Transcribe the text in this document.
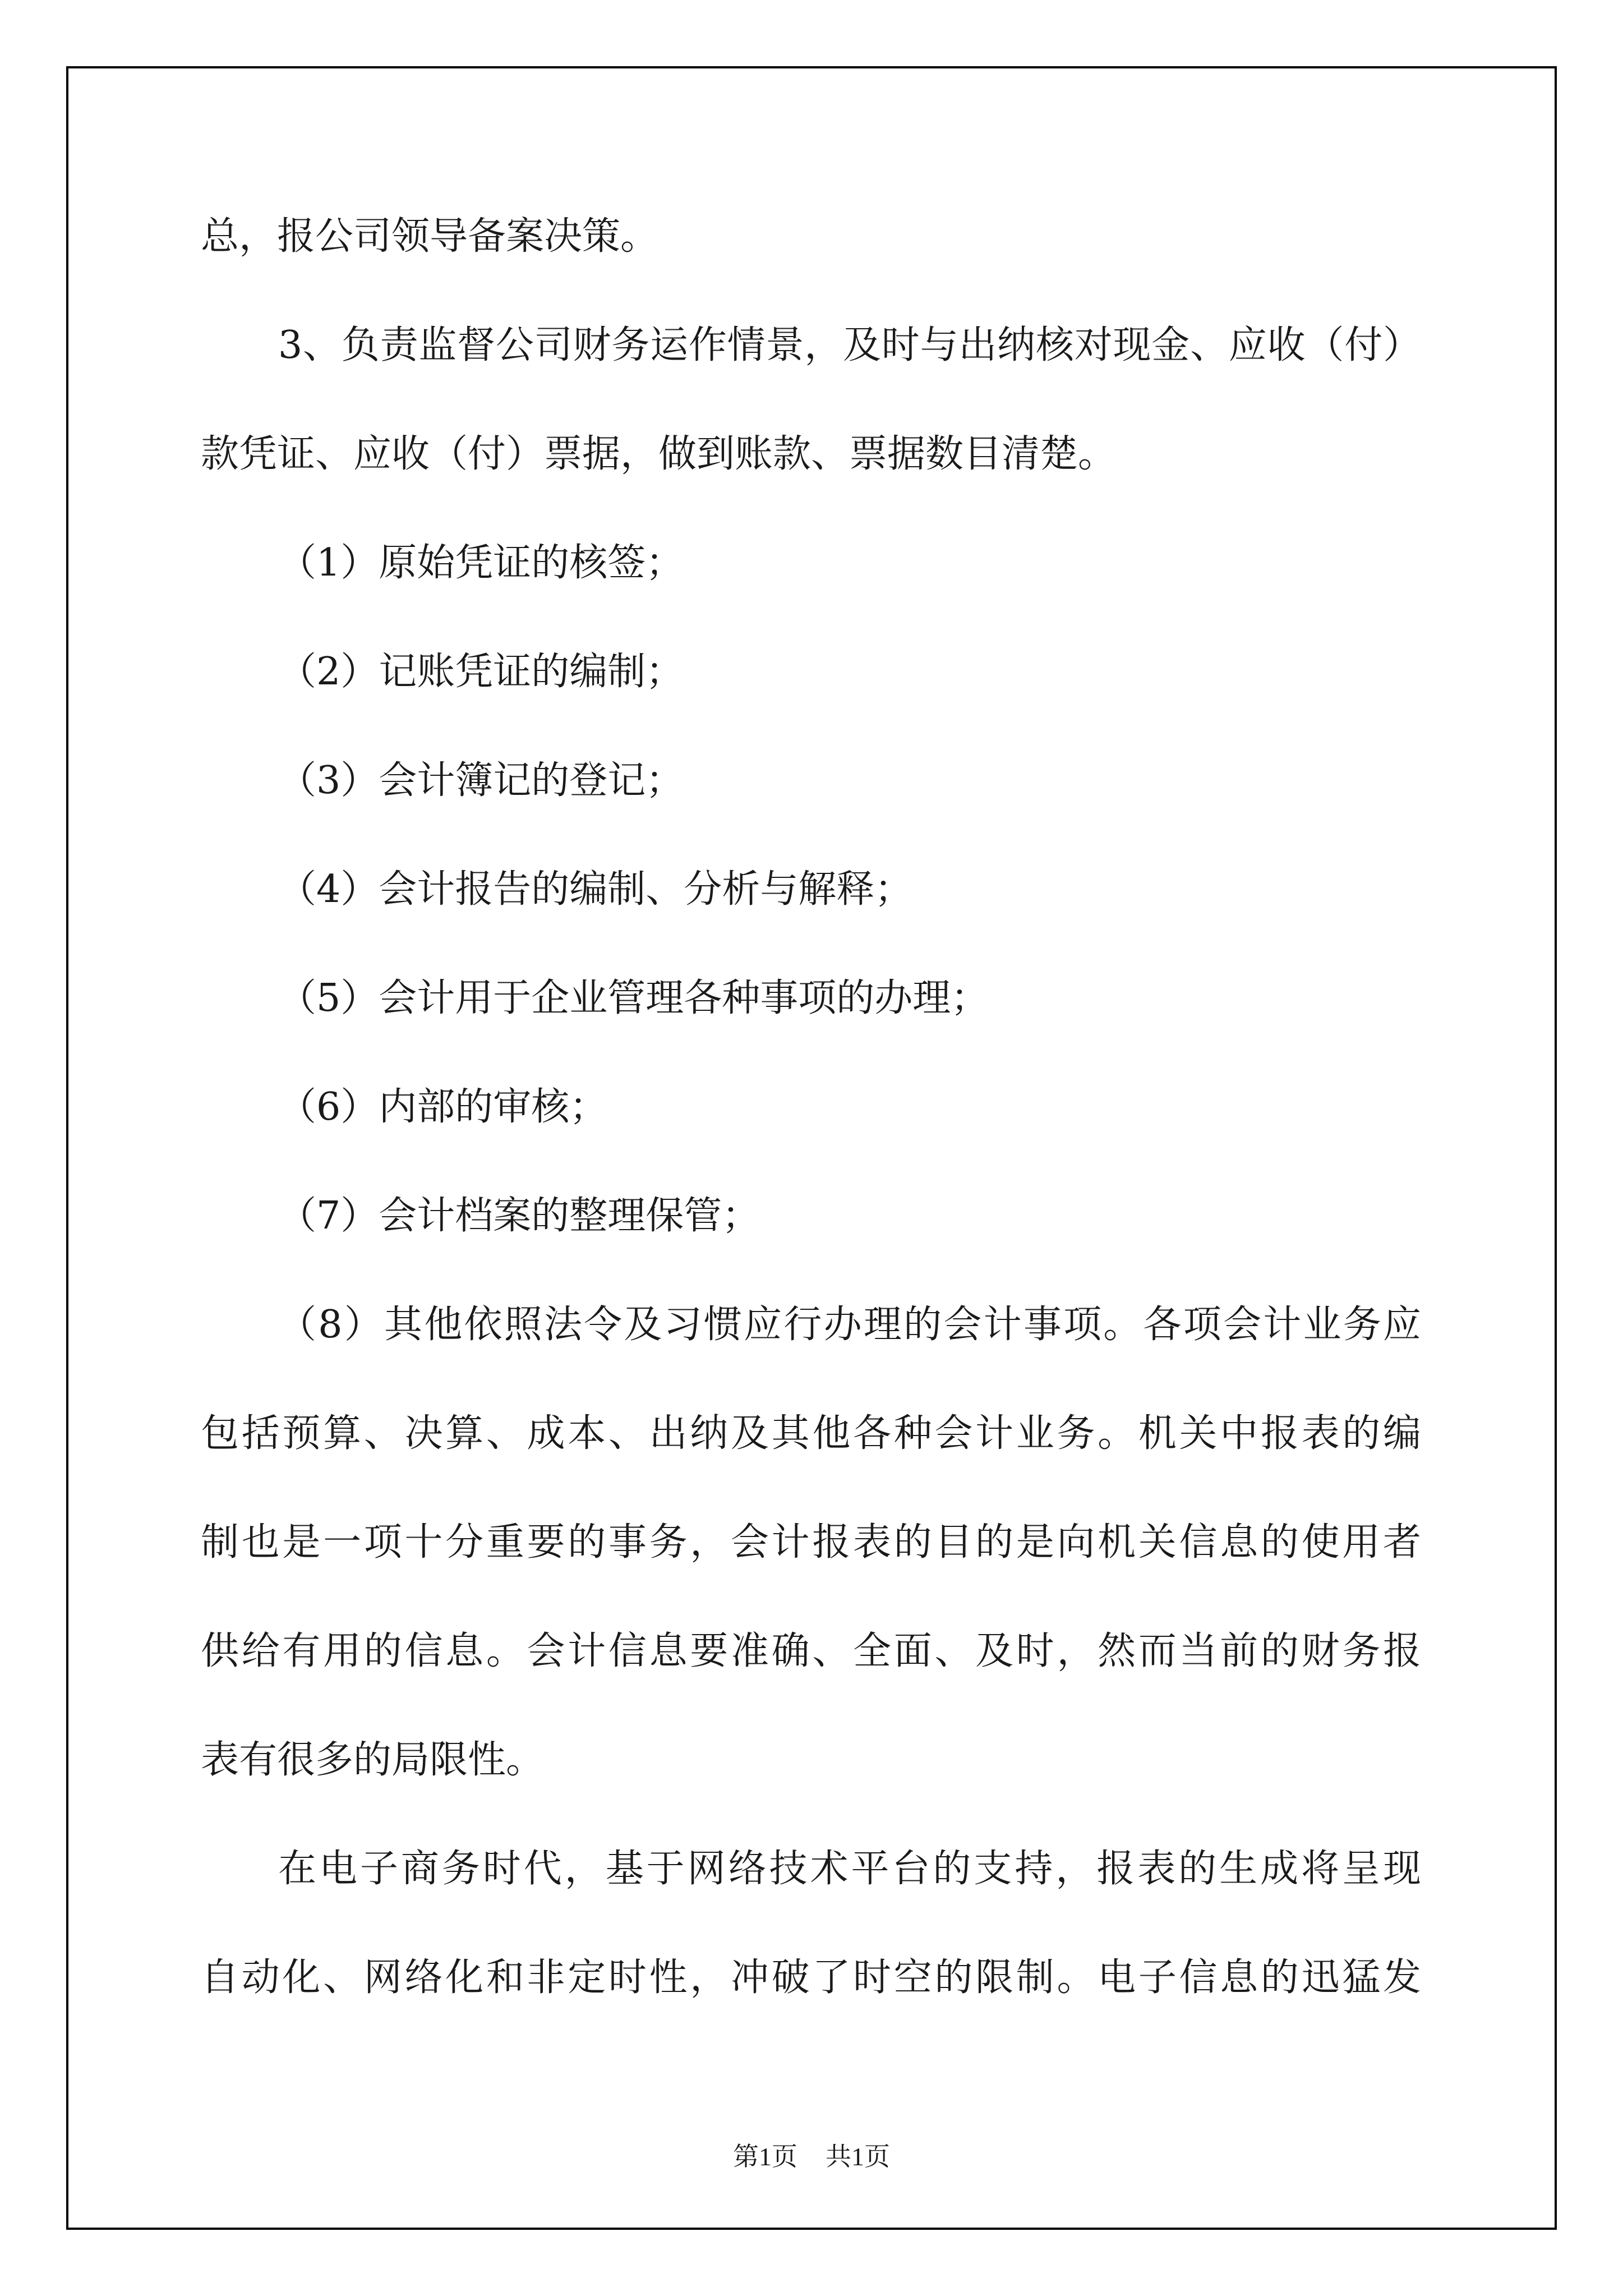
总，报公司领导备案决策。
3、负责监督公司财务运作情景，及时与出纳核对现金、应收（付）
款凭证、应收（付）票据，做到账款、票据数目清楚。
（1）原始凭证的核签；
（2）记账凭证的编制；
（3）会计簿记的登记；
（4）会计报告的编制、分析与解释；
（5）会计用于企业管理各种事项的办理；
（6）内部的审核；
（7）会计档案的整理保管；
（8）其他依照法令及习惯应行办理的会计事项。各项会计业务应
包括预算、决算、成本、出纳及其他各种会计业务。机关中报表的编
制也是一项十分重要的事务，会计报表的目的是向机关信息的使用者
供给有用的信息。会计信息要准确、全面、及时，然而当前的财务报
表有很多的局限性。
在电子商务时代，基于网络技术平台的支持，报表的生成将呈现
自动化、网络化和非定时性，冲破了时空的限制。电子信息的迅猛发
第1页 共1页
